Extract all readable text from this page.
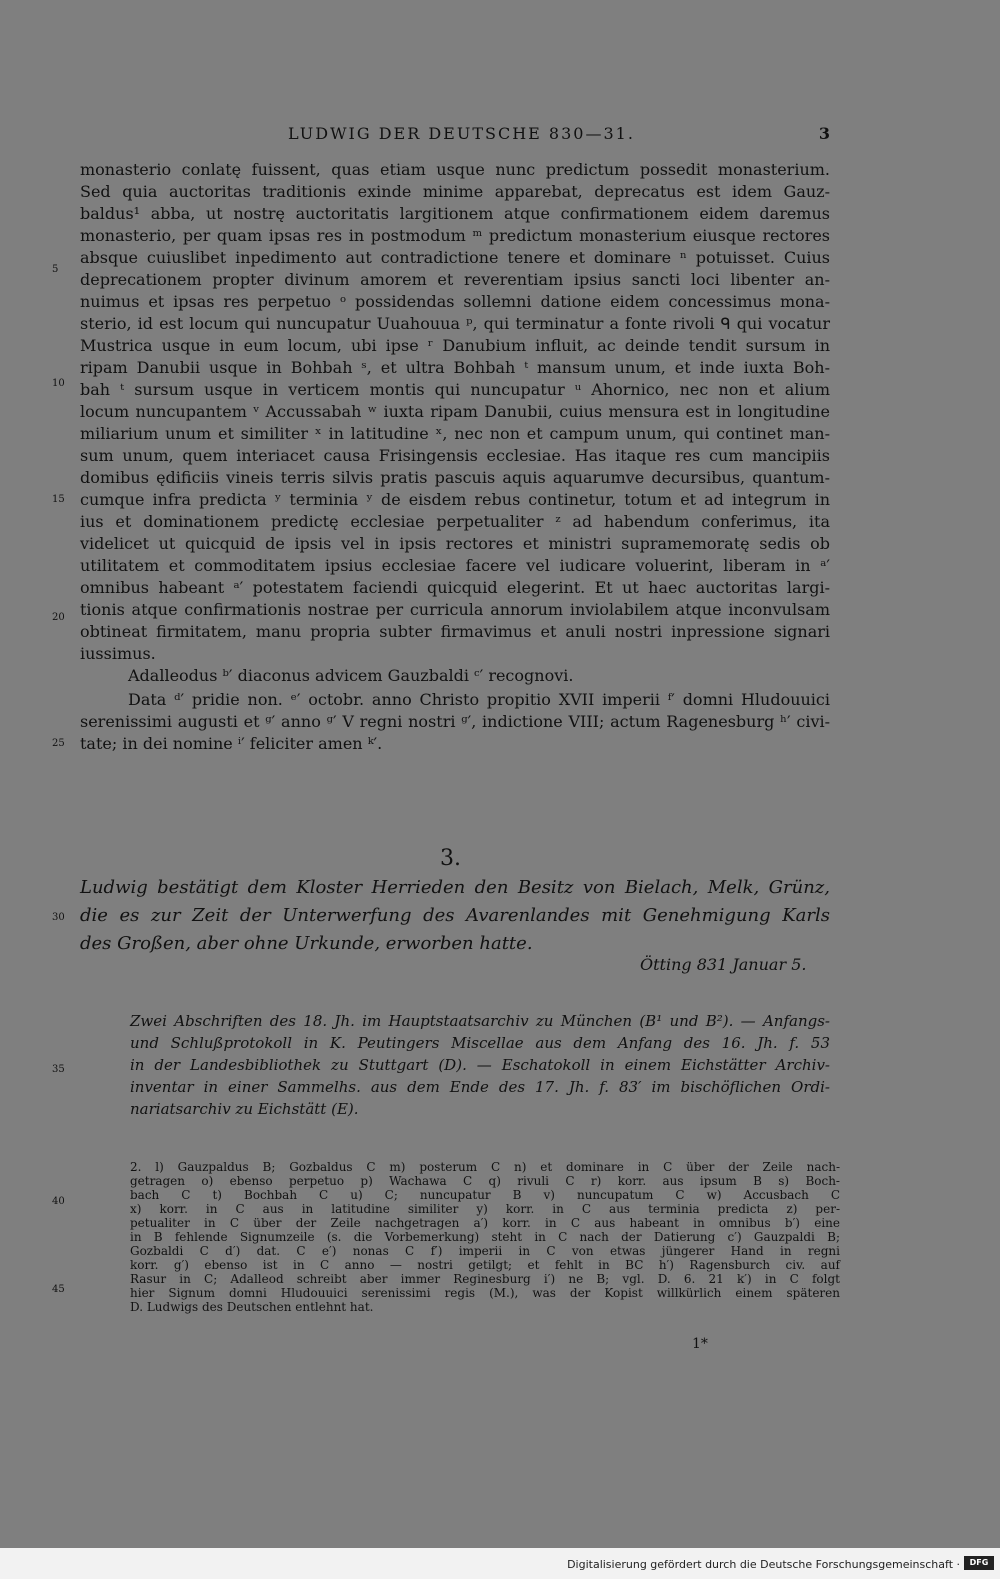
LUDWIG DER DEUTSCHE 830—31.	3
monasterio conlatę fuissent, quas etiam usque nunc predictum possedit monasterium.
Sed quia auctoritas traditionis exinde minime apparebat, deprecatus est idem Gauz-
baldus¹ abba, ut nostrę auctoritatis largitionem atque confirmationem eidem daremus
monasterio, per quam ipsas res in postmodum ᵐ predictum monasterium eiusque rectores
absque cuiuslibet inpedimento aut contradictione tenere et dominare ⁿ potuisset. Cuius
deprecationem propter divinum amorem et reverentiam ipsius sancti loci libenter an-
nuimus et ipsas res perpetuo ᵒ possidendas sollemni datione eidem concessimus mona-
sterio, id est locum qui nuncupatur Uuahouua ᵖ, qui terminatur a fonte rivoli ᑫ qui vocatur
Mustrica usque in eum locum, ubi ipse ʳ Danubium influit, ac deinde tendit sursum in
ripam Danubii usque in Bohbah ˢ, et ultra Bohbah ᵗ mansum unum, et inde iuxta Boh-
bah ᵗ sursum usque in verticem montis qui nuncupatur ᵘ Ahornico, nec non et alium
locum nuncupantem ᵛ Accussabah ʷ iuxta ripam Danubii, cuius mensura est in longitudine
miliarium unum et similiter ˣ in latitudine ˣ, nec non et campum unum, qui continet man-
sum unum, quem interiacet causa Frisingensis ecclesiae. Has itaque res cum mancipiis
domibus ędificiis vineis terris silvis pratis pascuis aquis aquarumve decursibus, quantum-
cumque infra predicta ʸ terminia ʸ de eisdem rebus continetur, totum et ad integrum in
ius et dominationem predictę ecclesiae perpetualiter ᶻ ad habendum conferimus, ita
videlicet ut quicquid de ipsis vel in ipsis rectores et ministri supramemoratę sedis ob
utilitatem et commoditatem ipsius ecclesiae facere vel iudicare voluerint, liberam in ᵃ′
omnibus habeant ᵃ′ potestatem faciendi quicquid elegerint. Et ut haec auctoritas largi-
tionis atque confirmationis nostrae per curricula annorum inviolabilem atque inconvulsam
obtineat firmitatem, manu propria subter firmavimus et anuli nostri inpressione signari
iussimus.
Adalleodus ᵇ′ diaconus advicem Gauzbaldi ᶜ′ recognovi.
Data ᵈ′ pridie non. ᵉ′ octobr. anno Christo propitio XVII imperii ᶠ′ domni Hludouuici
serenissimi augusti et ᵍ′ anno ᵍ′ V regni nostri ᵍ′, indictione VIII; actum Ragenesburg ʰ′ civi-
tate; in dei nomine ⁱ′ feliciter amen ᵏ′.
5
10
15
20
25
30
35
40
45
3.
Ludwig bestätigt dem Kloster Herrieden den Besitz von Bielach, Melk, Grünz,
die es zur Zeit der Unterwerfung des Avarenlandes mit Genehmigung Karls
des Großen, aber ohne Urkunde, erworben hatte.
Ötting 831 Januar 5.
Zwei Abschriften des 18. Jh. im Hauptstaatsarchiv zu München (B¹ und B²). — Anfangs-
und Schlußprotokoll in K. Peutingers Miscellae aus dem Anfang des 16. Jh. f. 53
in der Landesbibliothek zu Stuttgart (D). — Eschatokoll in einem Eichstätter Archiv-
inventar in einer Sammelhs. aus dem Ende des 17. Jh. f. 83′ im bischöflichen Ordi-
nariatsarchiv zu Eichstätt (E).
2. l) Gauzpaldus B; Gozbaldus C m) posterum C n) et dominare in C über der Zeile nach-
getragen o) ebenso perpetuo p) Wachawa C q) rivuli C r) korr. aus ipsum B s) Boch-
bach C t) Bochbah C u) C; nuncupatur B v) nuncupatum C w) Accusbach C
x) korr. in C aus in latitudine similiter y) korr. in C aus terminia predicta z) per-
petualiter in C über der Zeile nachgetragen a′) korr. in C aus habeant in omnibus b′) eine
in B fehlende Signumzeile (s. die Vorbemerkung) steht in C nach der Datierung c′) Gauzpaldi B;
Gozbaldi C d′) dat. C e′) nonas C f′) imperii in C von etwas jüngerer Hand in regni
korr. g′) ebenso ist in C anno — nostri getilgt; et fehlt in BC h′) Ragensburch civ. auf
Rasur in C; Adalleod schreibt aber immer Reginesburg i′) ne B; vgl. D. 6. 21 k′) in C folgt
hier Signum domni Hludouuici serenissimi regis (M.), was der Kopist willkürlich einem späteren
D. Ludwigs des Deutschen entlehnt hat.
1*
Digitalisierung gefördert durch die Deutsche Forschungsgemeinschaft ·	DFG
